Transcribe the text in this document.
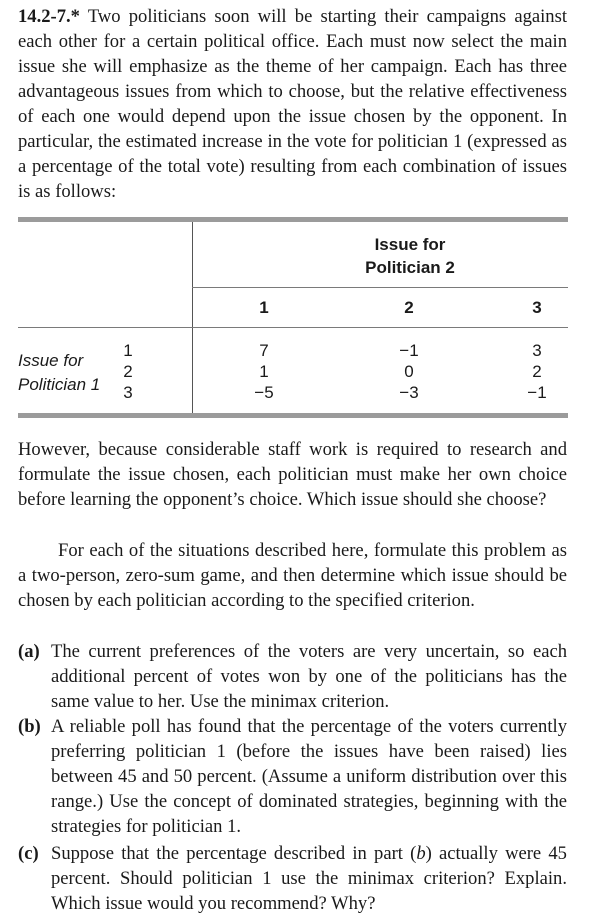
14.2-7.* Two politicians soon will be starting their campaigns against each other for a certain political office. Each must now select the main issue she will emphasize as the theme of her campaign. Each has three advantageous issues from which to choose, but the relative effectiveness of each one would depend upon the issue chosen by the opponent. In particular, the estimated increase in the vote for politician 1 (expressed as a percentage of the total vote) resulting from each combination of issues is as follows:

Issue for
Politician 2
1	2	3
Issue for
Politician 1
1
2
3
7
1
−5
−1
0
−3
3
2
−1

However, because considerable staff work is required to research and formulate the issue chosen, each politician must make her own choice before learning the opponent’s choice. Which issue should she choose?

For each of the situations described here, formulate this problem as a two-person, zero-sum game, and then determine which issue should be chosen by each politician according to the specified criterion.

(a) The current preferences of the voters are very uncertain, so each additional percent of votes won by one of the politicians has the same value to her. Use the minimax criterion.
(b) A reliable poll has found that the percentage of the voters currently preferring politician 1 (before the issues have been raised) lies between 45 and 50 percent. (Assume a uniform distribution over this range.) Use the concept of dominated strategies, beginning with the strategies for politician 1.
(c) Suppose that the percentage described in part (b) actually were 45 percent. Should politician 1 use the minimax criterion? Explain. Which issue would you recommend? Why?
